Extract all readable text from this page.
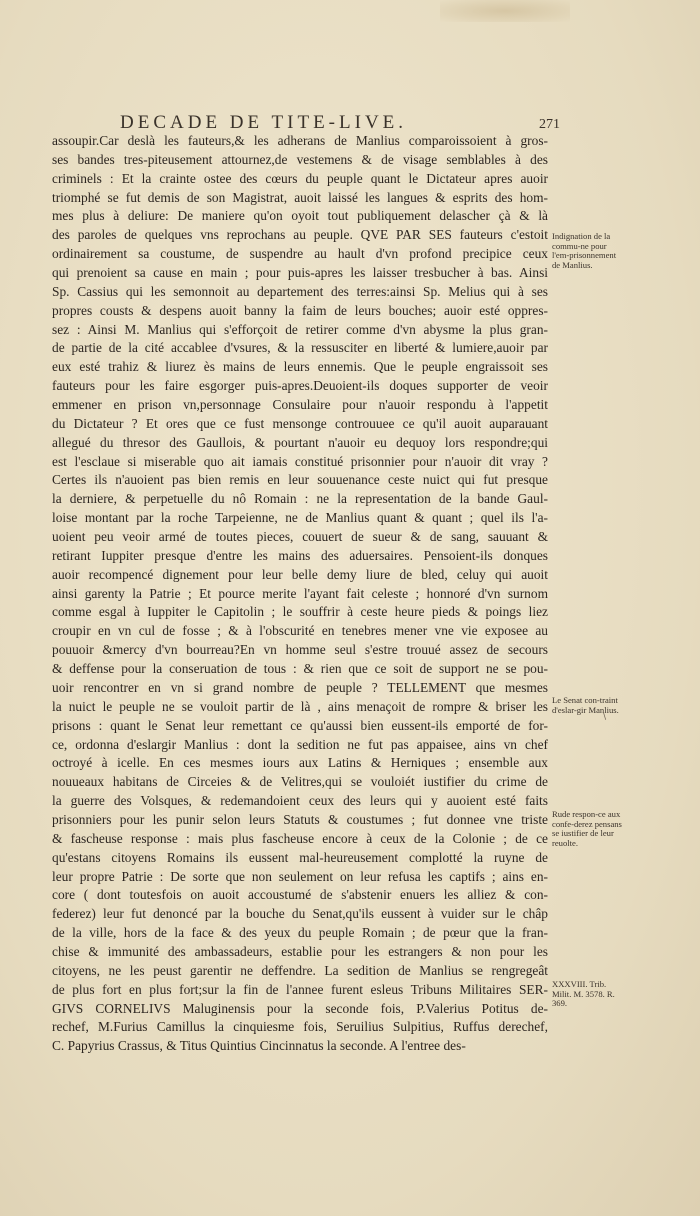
DECADE DE TITE-LIVE.	271
assoupir.Car deslà les fauteurs,& les adherans de Manlius comparoissoient à gros-
ses bandes tres-piteusement attournez,de vestemens & de visage semblables à des
criminels : Et la crainte ostee des cœurs du peuple quant le Dictateur apres auoir
triomphé se fut demis de son Magistrat, auoit laissé les langues & esprits des hom-
mes plus à deliure: De maniere qu'on oyoit tout publiquement delascher çà & là
des paroles de quelques vns reprochans au peuple. QVE PAR SES fauteurs c'estoit
ordinairement sa coustume, de suspendre au hault d'vn profond precipice ceux
qui prenoient sa cause en main ; pour puis-apres les laisser tresbucher à bas. Ainsi
Sp. Cassius qui les semonnoit au departement des terres:ainsi Sp. Melius qui à ses
propres cousts & despens auoit banny la faim de leurs bouches; auoir esté oppres-
sez : Ainsi M. Manlius qui s'efforçoit de retirer comme d'vn abysme la plus gran-
de partie de la cité accablee d'vsures, & la ressusciter en liberté & lumiere,auoir par
eux esté trahiz & liurez ès mains de leurs ennemis. Que le peuple engraissoit ses
fauteurs pour les faire esgorger puis-apres.Deuoient-ils doques supporter de veoir
emmener en prison vn,personnage Consulaire pour n'auoir respondu à l'appetit
du Dictateur ? Et ores que ce fust mensonge controuuee ce qu'il auoit auparauant
allegué du thresor des Gaullois, & pourtant n'auoir eu dequoy lors respondre;qui
est l'esclaue si miserable quo ait iamais constitué prisonnier pour n'auoir dit vray ?
Certes ils n'auoient pas bien remis en leur souuenance ceste nuict qui fut presque
la derniere, & perpetuelle du nô Romain : ne la representation de la bande Gaul-
loise montant par la roche Tarpeienne, ne de Manlius quant & quant ; quel ils l'a-
uoient peu veoir armé de toutes pieces, couuert de sueur & de sang, sauuant &
retirant Iuppiter presque d'entre les mains des aduersaires. Pensoient-ils donques
auoir recompencé dignement pour leur belle demy liure de bled, celuy qui auoit
ainsi garenty la Patrie ; Et pource merite l'ayant fait celeste ; honnoré d'vn surnom
comme esgal à Iuppiter le Capitolin ; le souffrir à ceste heure pieds & poings liez
croupir en vn cul de fosse ; & à l'obscurité en tenebres mener vne vie exposee au
pouuoir &mercy d'vn bourreau?En vn homme seul s'estre trouué assez de secours
& deffense pour la conseruation de tous : & rien que ce soit de support ne se pou-
uoir rencontrer en vn si grand nombre de peuple ? TELLEMENT que mesmes
la nuict le peuple ne se vouloit partir de là , ains menaçoit de rompre & briser les
prisons : quant le Senat leur remettant ce qu'aussi bien eussent-ils emporté de for-
ce, ordonna d'eslargir Manlius : dont la sedition ne fut pas appaisee, ains vn chef
octroyé à icelle. En ces mesmes iours aux Latins & Herniques ; ensemble aux
nouueaux habitans de Circeies & de Velitres,qui se vouloiét iustifier du crime de
la guerre des Volsques, & redemandoient ceux des leurs qui y auoient esté faits
prisonniers pour les punir selon leurs Statuts & coustumes ; fut donnee vne triste
& fascheuse response : mais plus fascheuse encore à ceux de la Colonie ; de ce
qu'estans citoyens Romains ils eussent mal-heureusement complotté la ruyne de
leur propre Patrie : De sorte que non seulement on leur refusa les captifs ; ains en-
core ( dont toutesfois on auoit accoustumé de s'abstenir enuers les alliez & con-
federez) leur fut denoncé par la bouche du Senat,qu'ils eussent à vuider sur le châp
de la ville, hors de la face & des yeux du peuple Romain ; de pœur que la fran-
chise & immunité des ambassadeurs, establie pour les estrangers & non pour les
citoyens, ne les peust garentir ne deffendre. La sedition de Manlius se rengregeât
de plus fort en plus fort;sur la fin de l'annee furent esleus Tribuns Militaires SER-
GIVS CORNELIVS Maluginensis pour la seconde fois, P.Valerius Potitus de-
rechef, M.Furius Camillus la cinquiesme fois, Seruilius Sulpitius, Ruffus derechef,
C. Papyrius Crassus, & Titus Quintius Cincinnatus la seconde. A l'entree des-
Indignation de la commu-ne pour l'em-prisonnement de Manlius.
Le Senat con-traint d'eslar-gir Manlius.
Rude respon-ce aux confe-derez pensans se iustifier de leur reuolte.
XXXVIII. Trib. Milit. M. 3578. R. 369.
\
